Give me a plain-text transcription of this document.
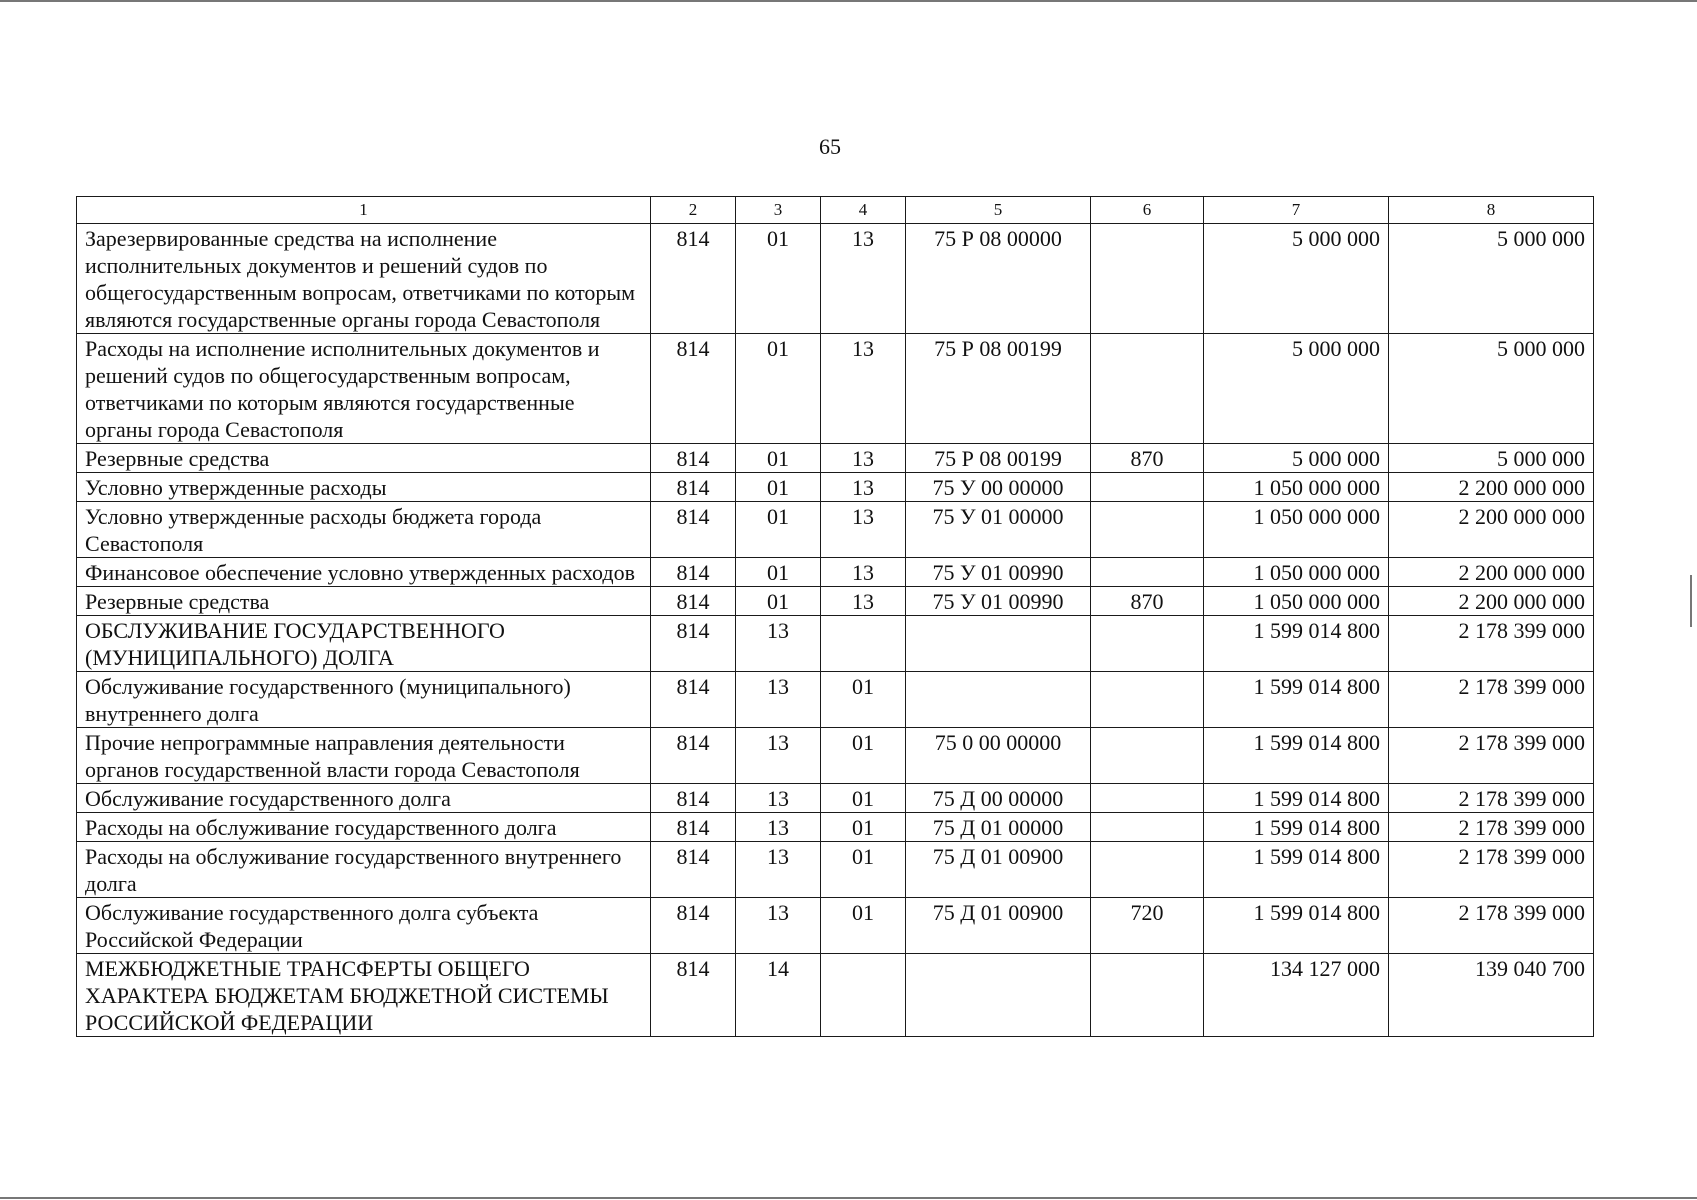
65
1	2	3	4	5	6	7	8
Зарезервированные средства на исполнение исполнительных документов и решений судов по общегосударственным вопросам, ответчиками по которым являются государственные органы города Севастополя	814	01	13	75 Р 08 00000		5 000 000	5 000 000
Расходы на исполнение исполнительных документов и решений судов по общегосударственным вопросам, ответчиками по которым являются государственные органы города Севастополя	814	01	13	75 Р 08 00199		5 000 000	5 000 000
Резервные средства	814	01	13	75 Р 08 00199	870	5 000 000	5 000 000
Условно утвержденные расходы	814	01	13	75 У 00 00000		1 050 000 000	2 200 000 000
Условно утвержденные расходы бюджета города Севастополя	814	01	13	75 У 01 00000		1 050 000 000	2 200 000 000
Финансовое обеспечение условно утвержденных расходов	814	01	13	75 У 01 00990		1 050 000 000	2 200 000 000
Резервные средства	814	01	13	75 У 01 00990	870	1 050 000 000	2 200 000 000
ОБСЛУЖИВАНИЕ ГОСУДАРСТВЕННОГО (МУНИЦИПАЛЬНОГО) ДОЛГА	814	13				1 599 014 800	2 178 399 000
Обслуживание государственного (муниципального) внутреннего долга	814	13	01			1 599 014 800	2 178 399 000
Прочие непрограммные направления деятельности органов государственной власти города Севастополя	814	13	01	75 0 00 00000		1 599 014 800	2 178 399 000
Обслуживание государственного долга	814	13	01	75 Д 00 00000		1 599 014 800	2 178 399 000
Расходы на обслуживание государственного долга	814	13	01	75 Д 01 00000		1 599 014 800	2 178 399 000
Расходы на обслуживание государственного внутреннего долга	814	13	01	75 Д 01 00900		1 599 014 800	2 178 399 000
Обслуживание государственного долга субъекта Российской Федерации	814	13	01	75 Д 01 00900	720	1 599 014 800	2 178 399 000
МЕЖБЮДЖЕТНЫЕ ТРАНСФЕРТЫ ОБЩЕГО ХАРАКТЕРА БЮДЖЕТАМ БЮДЖЕТНОЙ СИСТЕМЫ РОССИЙСКОЙ ФЕДЕРАЦИИ	814	14				134 127 000	139 040 700
